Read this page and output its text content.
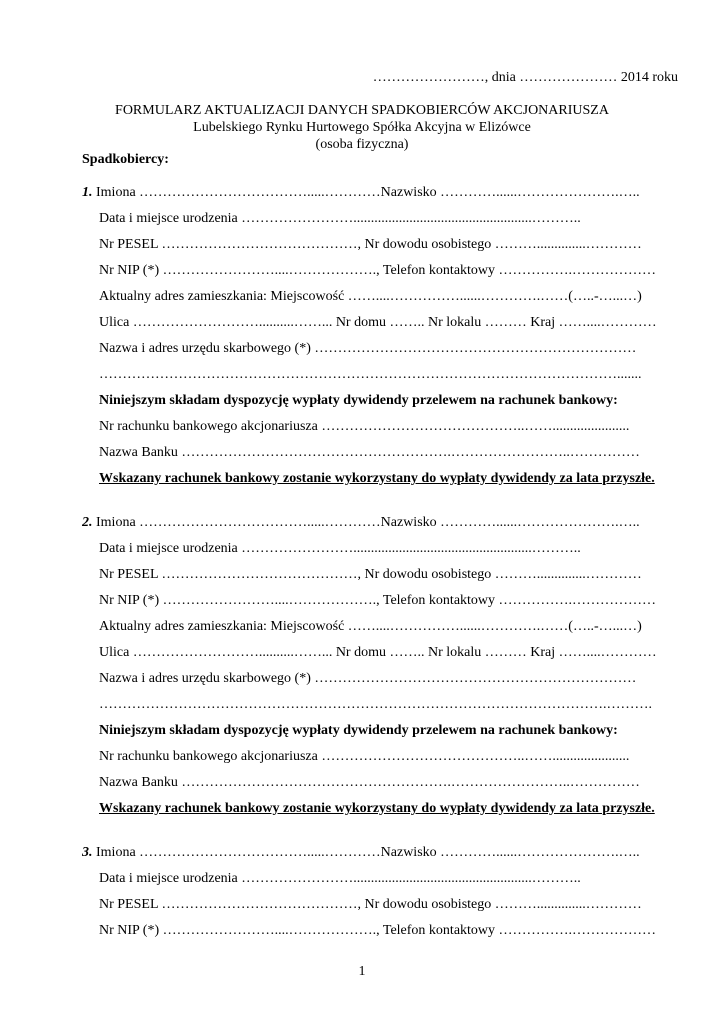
……………………, dnia ………………… 2014 roku
FORMULARZ AKTUALIZACJI DANYCH SPADKOBIERCÓW AKCJONARIUSZA
Lubelskiego Rynku Hurtowego Spółka Akcyjna w Elizówce
(osoba fizyczna)
Spadkobiercy:
1. Imiona ……………………………….....…………Nazwisko …………......………………….…..
Data i miejsce urodzenia ……………………...................................................………..
Nr PESEL ……………………………………, Nr dowodu osobistego ………..............…………
Nr NIP (*) ……………………....………………., Telefon kontaktowy …………….………………
Aktualny adres zamieszkania: Miejscowość ……....……………......………….……(…..-…...…)
Ulica ………………………..........……... Nr domu …….. Nr lokalu ……… Kraj ……....…………
Nazwa i adres urzędu skarbowego (*) ……………………………………………………………
………………………………………………………………………………………………….......
Niniejszym składam dyspozycję wypłaty dywidendy przelewem na rachunek bankowy:
Nr rachunku bankowego akcjonariusza ……………………………………..……......................
Nazwa Banku ………………………………………………….……………………..……………
Wskazany rachunek bankowy zostanie wykorzystany do wypłaty dywidendy za lata przyszłe.
2. Imiona ……………………………….....…………Nazwisko …………......………………….…..
Data i miejsce urodzenia ……………………...................................................………..
Nr PESEL ……………………………………, Nr dowodu osobistego ………..............…………
Nr NIP (*) ……………………....………………., Telefon kontaktowy …………….………………
Aktualny adres zamieszkania: Miejscowość ……....……………......………….……(…..-…...…)
Ulica ………………………..........……... Nr domu …….. Nr lokalu ……… Kraj ……....…………
Nazwa i adres urzędu skarbowego (*) ……………………………………………………………
……………………………………………………………………………………………….……….
Niniejszym składam dyspozycję wypłaty dywidendy przelewem na rachunek bankowy:
Nr rachunku bankowego akcjonariusza ……………………………………..……......................
Nazwa Banku ………………………………………………….……………………..……………
Wskazany rachunek bankowy zostanie wykorzystany do wypłaty dywidendy za lata przyszłe.
3. Imiona ……………………………….....…………Nazwisko …………......………………….…..
Data i miejsce urodzenia ……………………...................................................………..
Nr PESEL ……………………………………, Nr dowodu osobistego ………..............…………
Nr NIP (*) ……………………....………………., Telefon kontaktowy …………….………………
1
